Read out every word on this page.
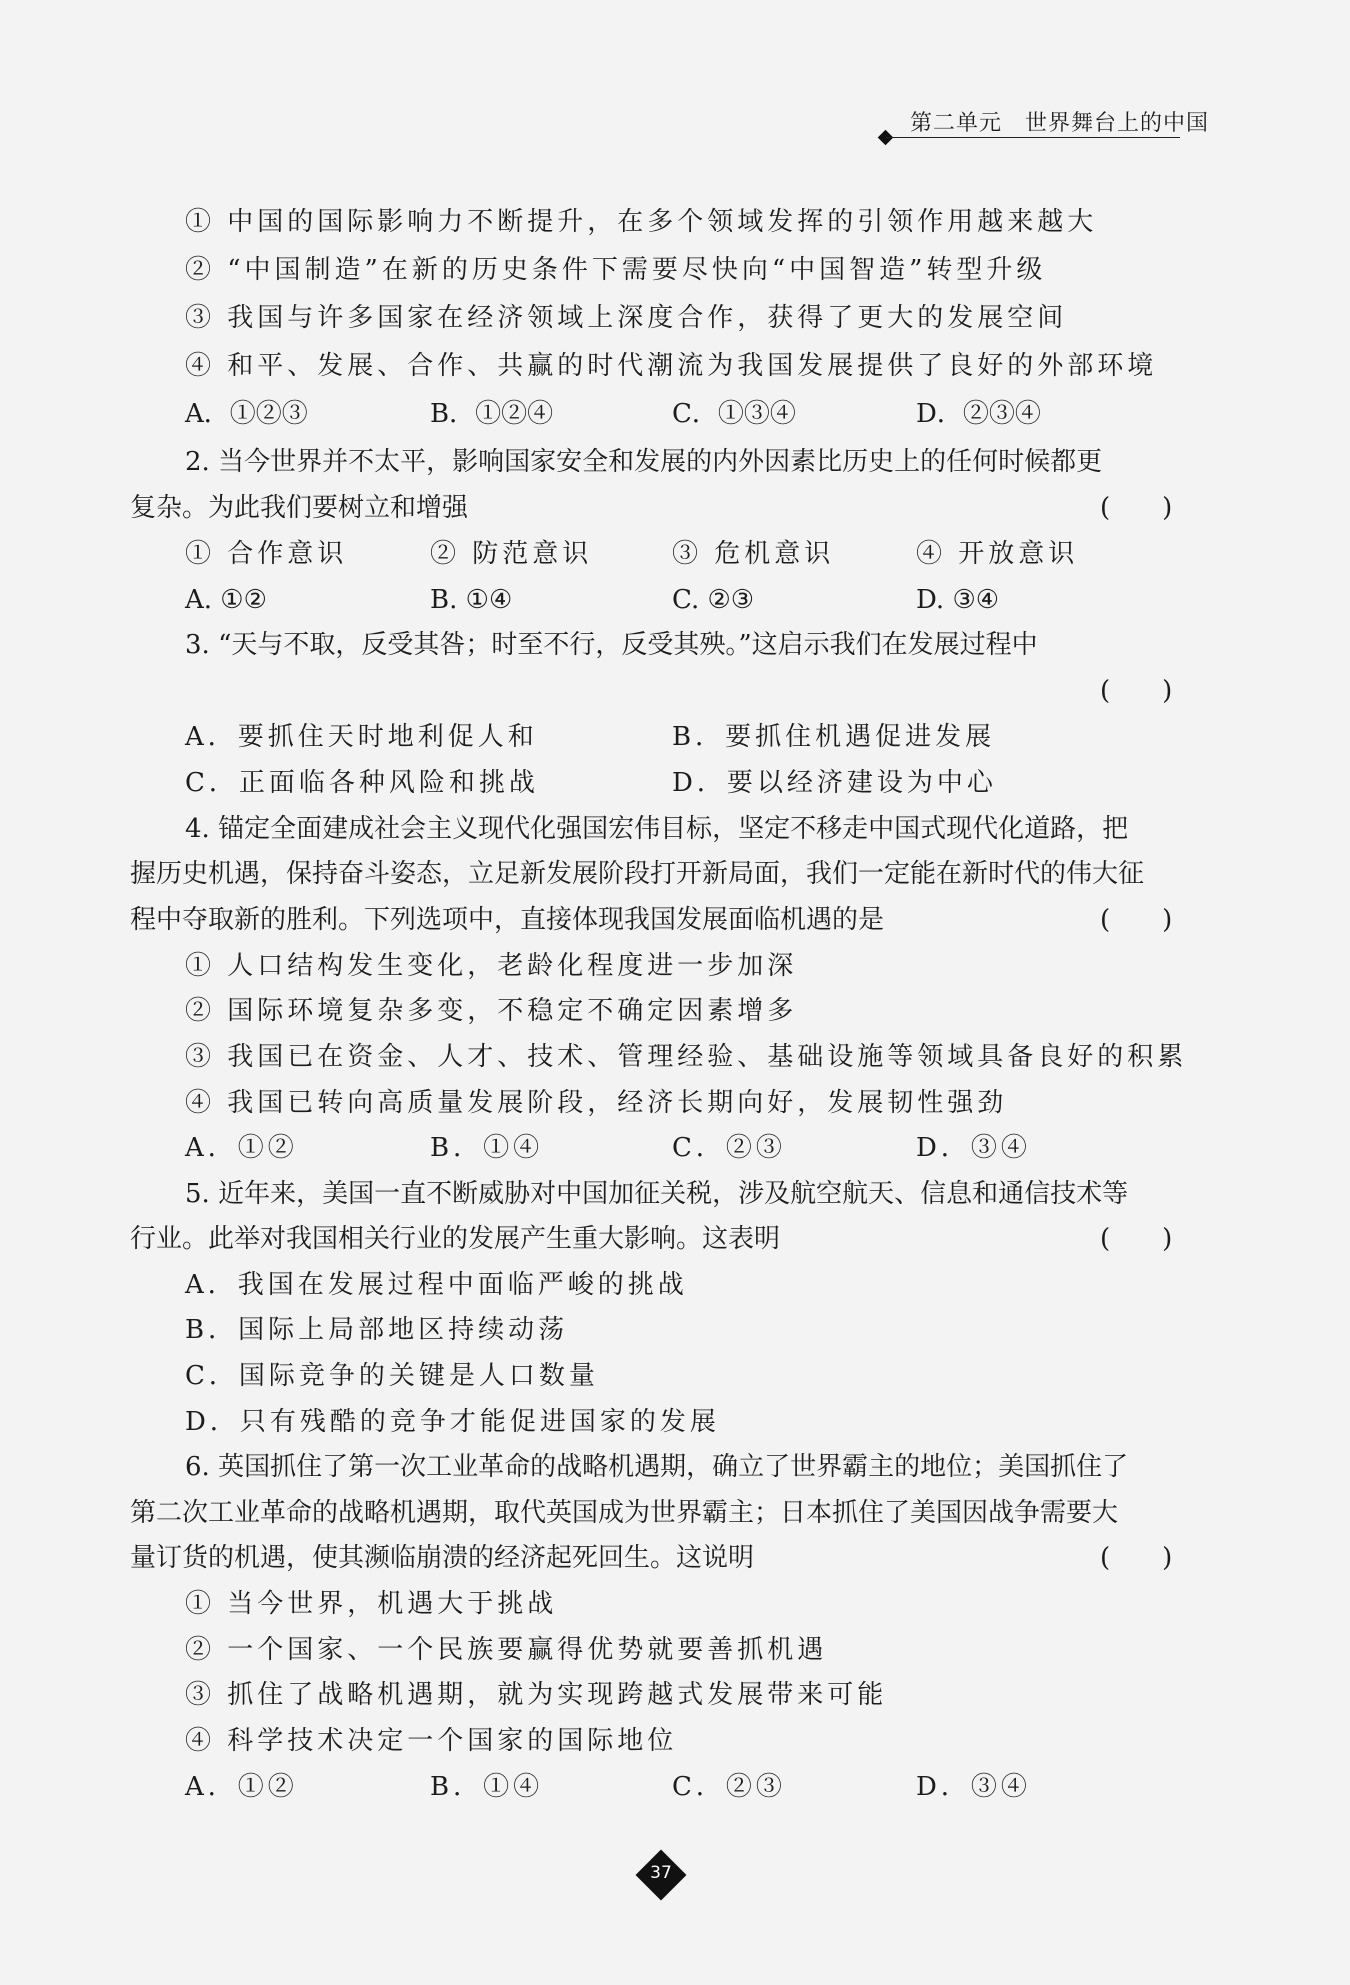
第二单元　世界舞台上的中国
① 中国的国际影响力不断提升，在多个领域发挥的引领作用越来越大
② “中国制造”在新的历史条件下需要尽快向“中国智造”转型升级
③ 我国与许多国家在经济领域上深度合作，获得了更大的发展空间
④ 和平、发展、合作、共赢的时代潮流为我国发展提供了良好的外部环境
A．①②③	B．①②④	C．①③④	D．②③④
2. 当今世界并不太平，影响国家安全和发展的内外因素比历史上的任何时候都更
复杂。为此我们要树立和增强	(　　)
① 合作意识	② 防范意识	③ 危机意识	④ 开放意识
A. ①②	B. ①④	C. ②③	D. ③④
3. “天与不取，反受其咎；时至不行，反受其殃。”这启示我们在发展过程中
(　　)
A．要抓住天时地利促人和	B．要抓住机遇促进发展
C．正面临各种风险和挑战	D．要以经济建设为中心
4. 锚定全面建成社会主义现代化强国宏伟目标，坚定不移走中国式现代化道路，把
握历史机遇，保持奋斗姿态，立足新发展阶段打开新局面，我们一定能在新时代的伟大征
程中夺取新的胜利。下列选项中，直接体现我国发展面临机遇的是	(　　)
① 人口结构发生变化，老龄化程度进一步加深
② 国际环境复杂多变，不稳定不确定因素增多
③ 我国已在资金、人才、技术、管理经验、基础设施等领域具备良好的积累
④ 我国已转向高质量发展阶段，经济长期向好，发展韧性强劲
A．①②	B．①④	C．②③	D．③④
5. 近年来，美国一直不断威胁对中国加征关税，涉及航空航天、信息和通信技术等
行业。此举对我国相关行业的发展产生重大影响。这表明	(　　)
A．我国在发展过程中面临严峻的挑战
B．国际上局部地区持续动荡
C．国际竞争的关键是人口数量
D．只有残酷的竞争才能促进国家的发展
6. 英国抓住了第一次工业革命的战略机遇期，确立了世界霸主的地位；美国抓住了
第二次工业革命的战略机遇期，取代英国成为世界霸主；日本抓住了美国因战争需要大
量订货的机遇，使其濒临崩溃的经济起死回生。这说明	(　　)
① 当今世界，机遇大于挑战
② 一个国家、一个民族要赢得优势就要善抓机遇
③ 抓住了战略机遇期，就为实现跨越式发展带来可能
④ 科学技术决定一个国家的国际地位
A．①②	B．①④	C．②③	D．③④
37
